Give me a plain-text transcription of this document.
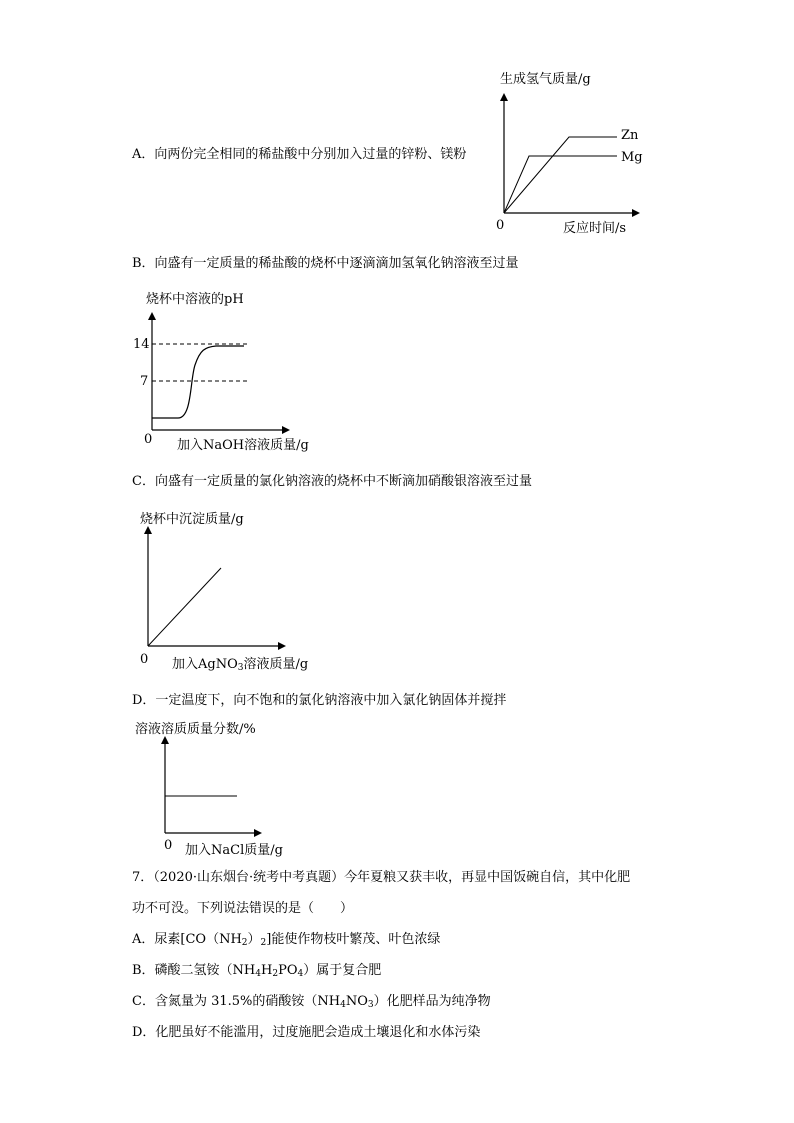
A．向两份完全相同的稀盐酸中分别加入过量的锌粉、镁粉
生成氢气质量/g
Zn
Mg
0	反应时间/s
B．向盛有一定质量的稀盐酸的烧杯中逐滴滴加氢氧化钠溶液至过量
烧杯中溶液的pH
14
7
0 加入NaOH溶液质量/g
C．向盛有一定质量的氯化钠溶液的烧杯中不断滴加硝酸银溶液至过量
烧杯中沉淀质量/g
0 加入AgNO$_3$溶液质量/g
D．一定温度下，向不饱和的氯化钠溶液中加入氯化钠固体并搅拌
溶液溶质质量分数/%
0 加入NaCl质量/g
7．（2020·山东烟台·统考中考真题）今年夏粮又获丰收，再显中国饭碗自信，其中化肥
功不可没。下列说法错误的是（　　）
A．尿素$[CO(NH_2)_2]$能使作物枝叶繁茂、叶色浓绿
B．磷酸二氢铵$(NH_4H_2PO_4)$属于复合肥
C．含氮量为 31.5%的硝酸铵$(NH_4NO_3)$化肥样品为纯净物
D．化肥虽好不能滥用，过度施肥会造成土壤退化和水体污染
